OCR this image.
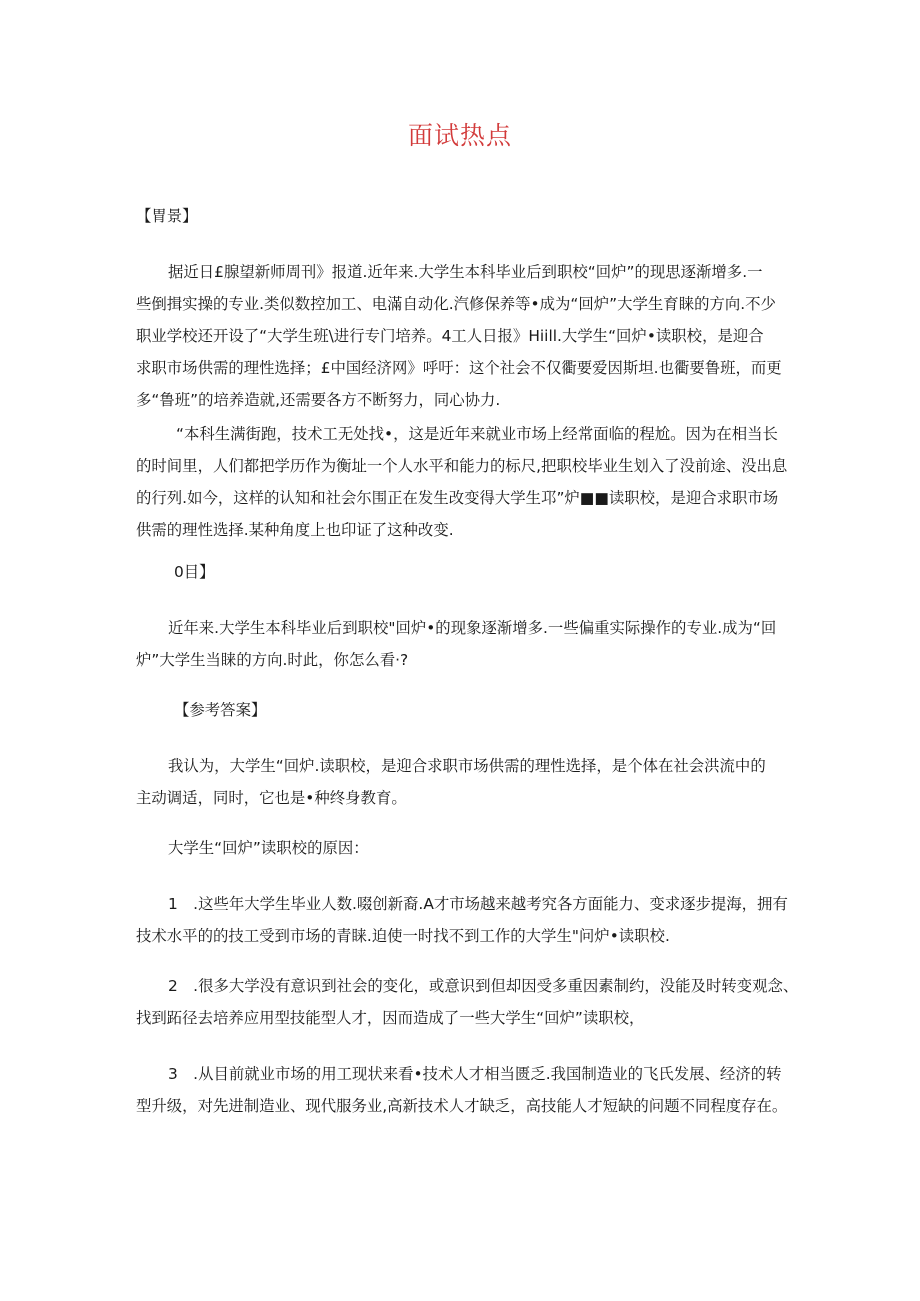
面试热点
【胃景】
据近日£腺望新师周刊》报道.近年来.大学生本科毕业后到职校“回炉”的现思逐渐增多.一
些倒揖实操的专业.类似数控加工、电滿自动化.汽修保养等•成为“回炉”大学生育睐的方向.不少
职业学校还开设了“大学生班\进行专门培养。4工人日报》Hiill.大学生“回炉•读职校，是迎合
求职市场供需的理性选择；£中国经济网》呼吁：这个社会不仅衢要爱因斯坦.也衢要鲁班，而更
多“鲁班”的培养造就,还需要各方不断努力，同心协力.
“本科生满街跑，技术工无处找•，这是近年来就业市场上经常面临的程尬。因为在相当长
的时间里，人们都把学历作为衡址一个人水平和能力的标尺,把职校毕业生划入了没前途、没出息
的行列.如今，这样的认知和社会尓围正在发生改变得大学生邛”炉■■读职校，是迎合求职市场
供需的理性选择.某种角度上也印证了这种改变.
0目】
近年来.大学生本科毕业后到职校"回炉•的现象逐渐增多.一些偏重实际操作的专业.成为“回
炉”大学生当睐的方向.时此，你怎么看·?
【参考答案】
我认为，大学生“回炉.读职校，是迎合求职市场供需的理性选择，是个体在社会洪流中的
主动调适，同时，它也是•种终身教育。
大学生“回炉”读职校的原因：
1　.这些年大学生毕业人数.啜创新裔.A才市场越来越考究各方面能力、变求逐步提海，拥有
技术水平的的技工受到市场的青睐.迫使一时找不到工作的大学生"问炉•读职校.
2　.很多大学没有意识到社会的变化，或意识到但却因受多重因素制约，没能及时转变观念、
找到跖径去培养应用型技能型人才，因而造成了一些大学生“回炉”读职校，
3　.从目前就业市场的用工现状来看•技术人才相当匮乏.我国制造业的飞氏发展、经济的转
型升级，对先进制造业、现代服务业,高新技术人才缺乏，高技能人才短缺的问题不同程度存在。
